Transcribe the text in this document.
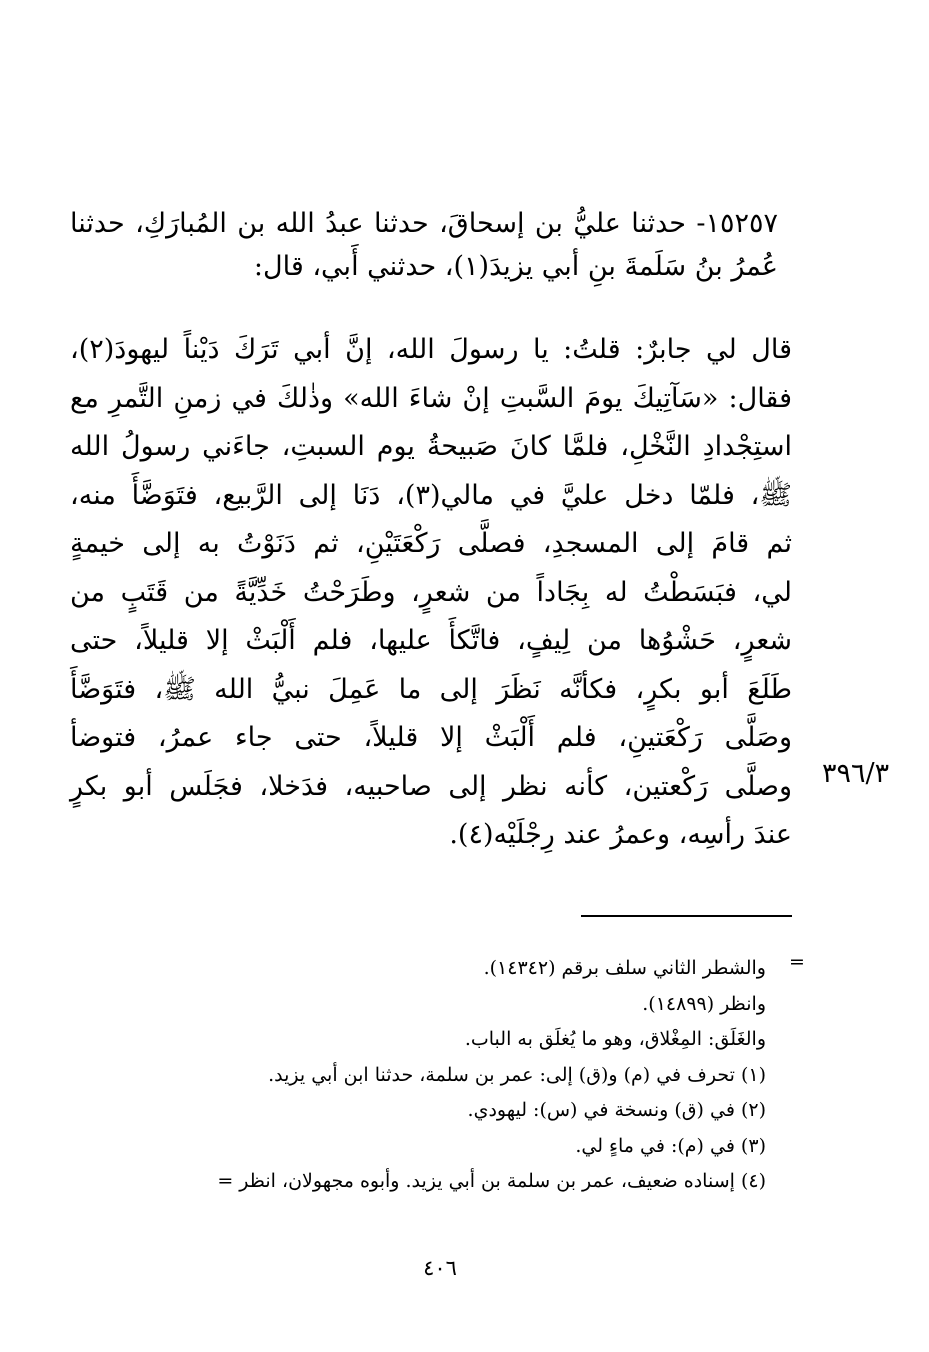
١٥٢٥٧- حدثنا عليُّ بن إسحاقَ، حدثنا عبدُ الله بن المُبارَكِ، حدثنا
عُمرُ بنُ سَلَمةَ بنِ أبي يزيدَ(١)، حدثني أَبي، قال:
قال لي جابرٌ: قلتُ: يا رسولَ الله، إنَّ أبي تَرَكَ دَيْناً ليهودَ(٢)،
فقال: «سَآتِيكَ يومَ السَّبتِ إنْ شاءَ الله» وذٰلكَ في زمنِ التَّمرِ مع
استِجْدادِ النَّخْلِ، فلمَّا كانَ صَبيحةُ يوم السبتِ، جاءَني رسولُ الله
ﷺ، فلمّا دخل عليَّ في مالي(٣)، دَنَا إلى الرَّبيع، فتَوَضَّأَ منه،
ثم قامَ إلى المسجدِ، فصلَّى رَكْعَتَيْنِ، ثم دَنَوْتُ به إلى خيمةٍ
لي، فبَسَطْتُ له بِجَاداً من شعرٍ، وطَرَحْتُ خَدِّيَّةً من قَتَبٍ من
شعرٍ، حَشْوُها من لِيفٍ، فاتَّكأَ عليها، فلم أَلْبَثْ إلا قليلاً، حتى
طَلَعَ أبو بكرٍ، فكأنَّه نَظَرَ إلى ما عَمِلَ نبيُّ الله ﷺ، فتَوَضَّأَ
وصَلَّى رَكْعَتينِ، فلم أَلْبَثْ إلا قليلاً، حتى جاء عمرُ، فتوضأ
وصلَّى رَكْعتين، كأنه نظر إلى صاحبيه، فدَخلا، فجَلَس أبو بكرٍ
عندَ رأسِه، وعمرُ عند رِجْلَيْه(٤).
٣٩٦/٣
=
والشطر الثاني سلف برقم (١٤٣٤٢).
وانظر (١٤٨٩٩).
والغَلَق: المِغْلاق، وهو ما يُغلَق به الباب.
(١) تحرف في (م) و(ق) إلى: عمر بن سلمة، حدثنا ابن أبي يزيد.
(٢) في (ق) ونسخة في (س): ليهودي.
(٣) في (م): في ماءٍ لي.
(٤) إسناده ضعيف، عمر بن سلمة بن أبي يزيد. وأبوه مجهولان، انظر =
٤٠٦
